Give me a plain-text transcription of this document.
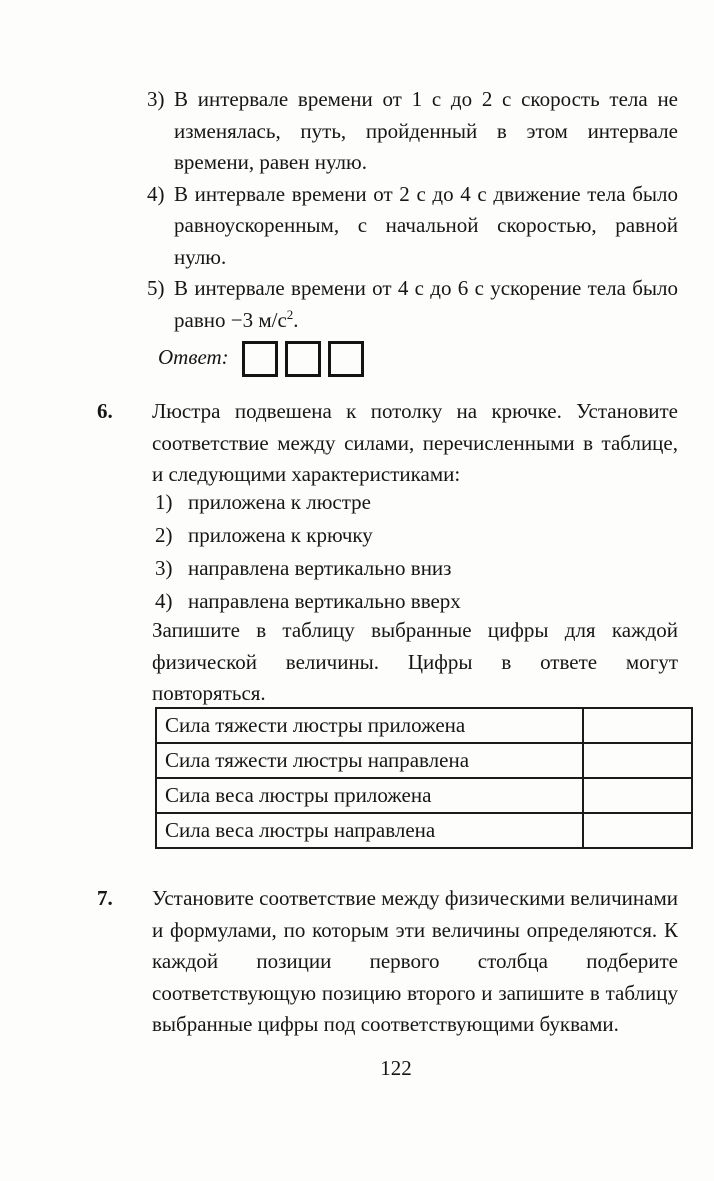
3) В интервале времени от 1 с до 2 с скорость тела не изменялась, путь, пройденный в этом интервале времени, равен нулю.
4) В интервале времени от 2 с до 4 с движение тела было равноускоренным, с начальной скоростью, равной нулю.
5) В интервале времени от 4 с до 6 с ускорение тела было равно −3 $м/с^2$.
Ответ:
6.	Люстра подвешена к потолку на крючке. Установите соответствие между силами, перечисленными в таблице, и следующими характеристиками:
1) приложена к люстре
2) приложена к крючку
3) направлена вертикально вниз
4) направлена вертикально вверх
Запишите в таблицу выбранные цифры для каждой физической величины. Цифры в ответе могут повторяться.
Сила тяжести люстры приложена	
Сила тяжести люстры направлена	
Сила веса люстры приложена	
Сила веса люстры направлена	
7.	Установите соответствие между физическими величинами и формулами, по которым эти величины определяются. К каждой позиции первого столбца подберите соответствующую позицию второго и запишите в таблицу выбранные цифры под соответствующими буквами.
122
